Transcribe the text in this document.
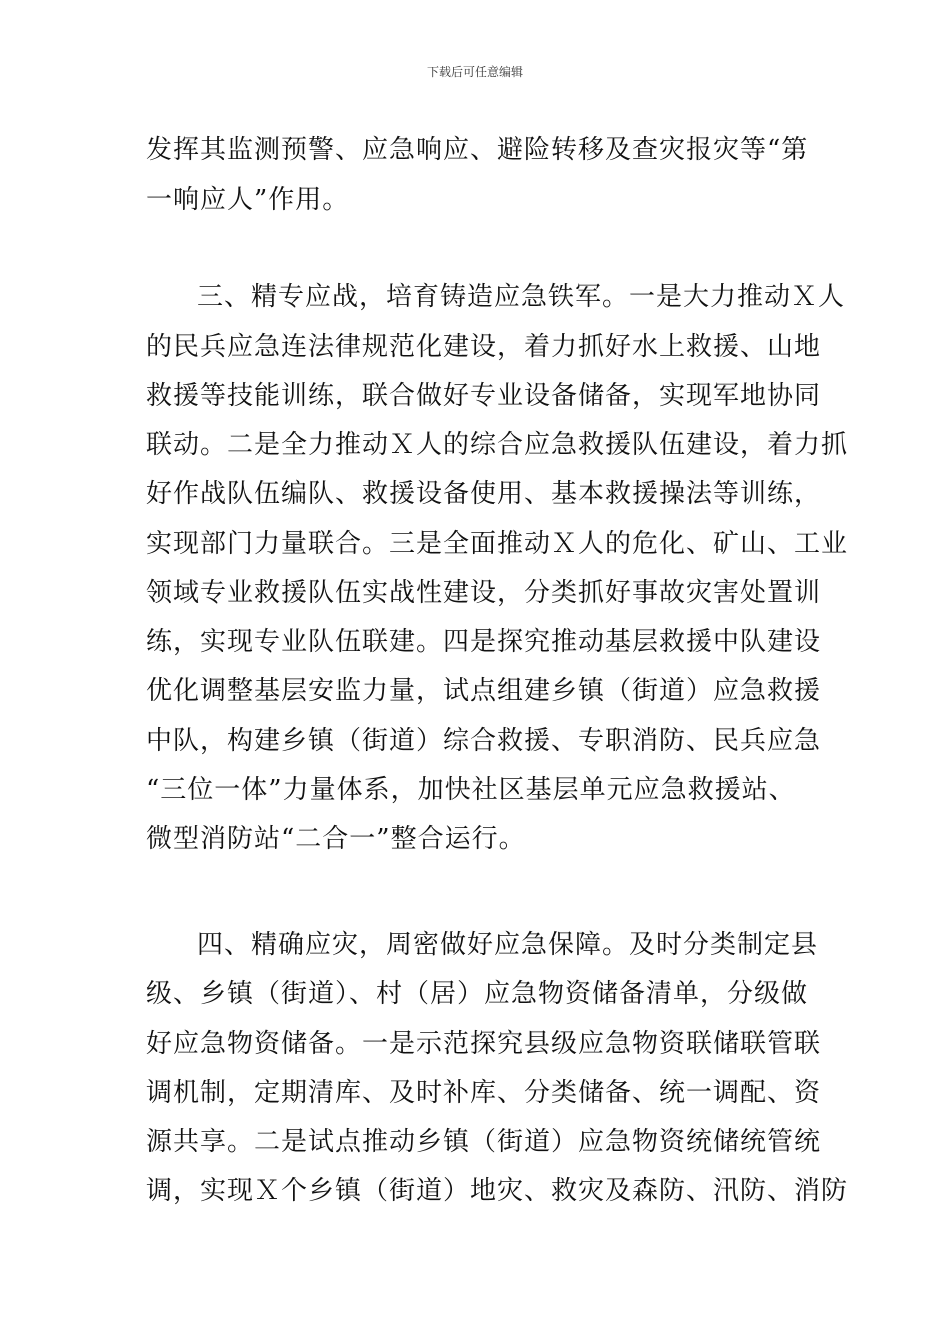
下载后可任意编辑
发挥其监测预警、应急响应、避险转移及查灾报灾等“第
一响应人”作用。
三、精专应战，培育铸造应急铁军。一是大力推动Ｘ人
的民兵应急连法律规范化建设，着力抓好水上救援、山地
救援等技能训练，联合做好专业设备储备，实现军地协同
联动。二是全力推动Ｘ人的综合应急救援队伍建设，着力抓
好作战队伍编队、救援设备使用、基本救援操法等训练，
实现部门力量联合。三是全面推动Ｘ人的危化、矿山、工业
领域专业救援队伍实战性建设，分类抓好事故灾害处置训
练，实现专业队伍联建。四是探究推动基层救援中队建设
优化调整基层安监力量，试点组建乡镇（街道）应急救援
中队，构建乡镇（街道）综合救援、专职消防、民兵应急
“三位一体”力量体系，加快社区基层单元应急救援站、
微型消防站“二合一”整合运行。
四、精确应灾，周密做好应急保障。及时分类制定县
级、乡镇（街道）、村（居）应急物资储备清单，分级做
好应急物资储备。一是示范探究县级应急物资联储联管联
调机制，定期清库、及时补库、分类储备、统一调配、资
源共享。二是试点推动乡镇（街道）应急物资统储统管统
调，实现Ｘ个乡镇（街道）地灾、救灾及森防、汛防、消防
